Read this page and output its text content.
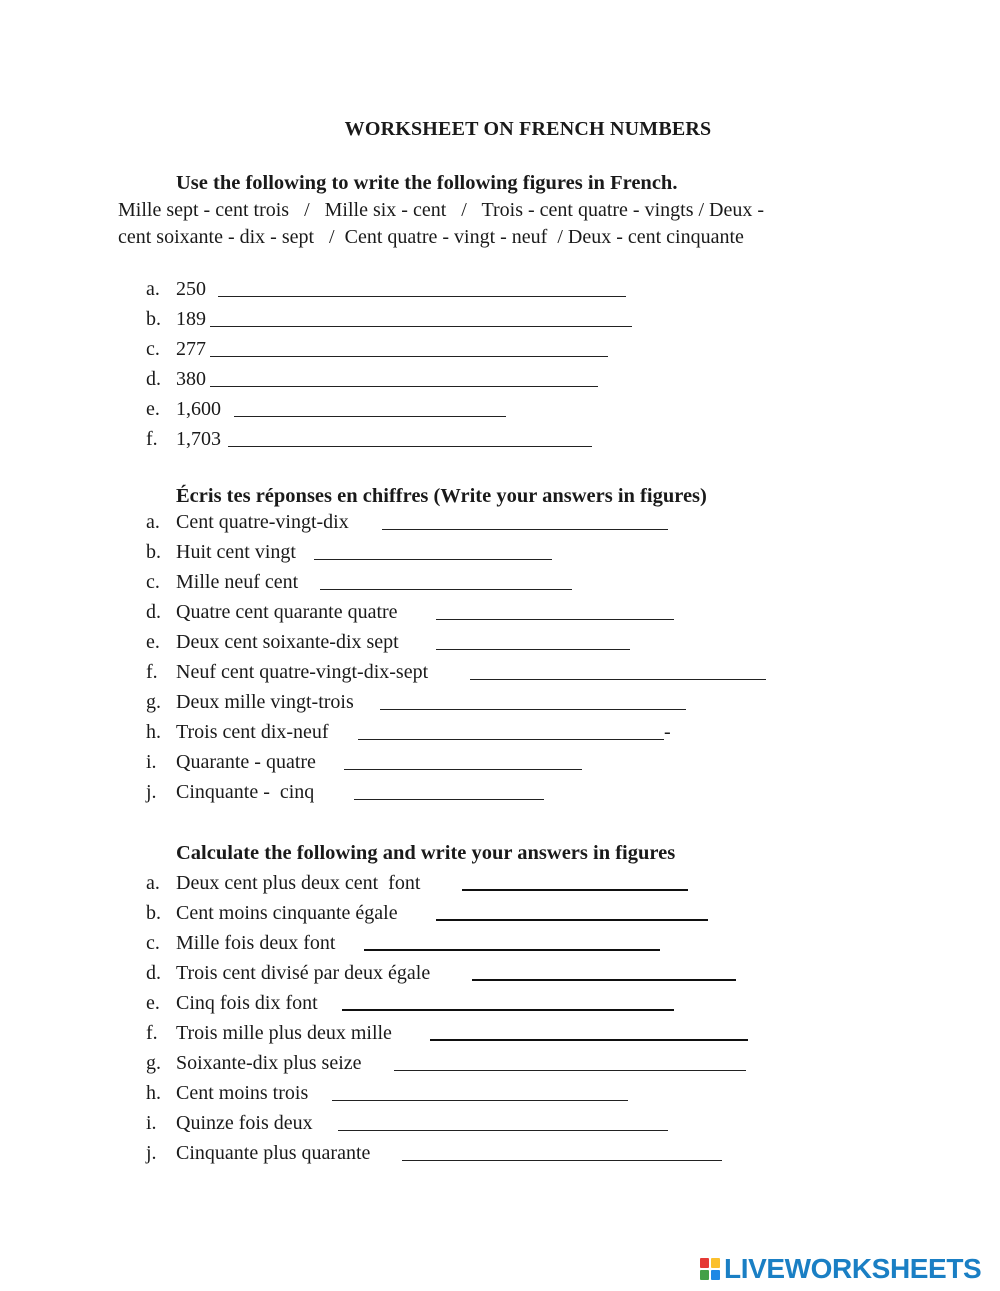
WORKSHEET ON FRENCH NUMBERS
Use the following to write the following figures in French.
Mille sept - cent trois   /   Mille six - cent   /   Trois - cent quatre - vingts / Deux -
cent soixante - dix - sept   /  Cent quatre - vingt - neuf  / Deux - cent cinquante

a.

250

b.

189

c.

277

d.

380

e.

1,600

f.

1,703

Écris tes réponses en chiffres (Write your answers in figures)

a.

Cent quatre-vingt-dix

b.

Huit cent vingt

c.

Mille neuf cent

d.

Quatre cent quarante quatre

e.

Deux cent soixante-dix sept

f.

Neuf cent quatre-vingt-dix-sept

g.

Deux mille vingt-trois

h.

Trois cent dix-neuf

	-

i.

Quarante - quatre

j.

Cinquante -  cinq

Calculate the following and write your answers in figures

a.

Deux cent plus deux cent  font

b.

Cent moins cinquante égale

c.

Mille fois deux font

d.

Trois cent divisé par deux égale

e.

Cinq fois dix font

f.

Trois mille plus deux mille

g.

Soixante-dix plus seize

h.

Cent moins trois

i.

Quinze fois deux

j.

Cinquante plus quarante

LIVEWORKSHEETS
